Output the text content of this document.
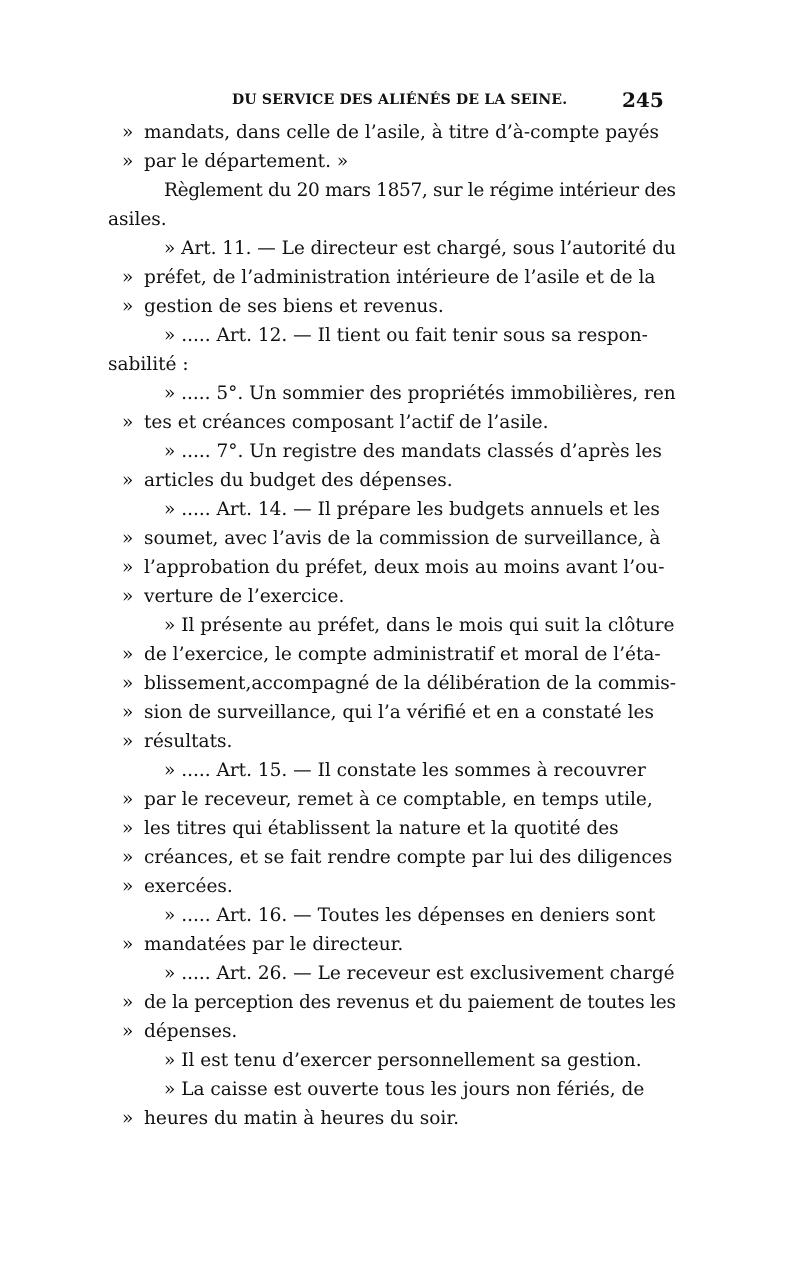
DU SERVICE DES ALIÉNÉS DE LA SEINE.	245
» mandats, dans celle de l’asile, à titre d’à-compte payés
» par le département. »
Règlement du 20 mars 1857, sur le régime intérieur des
asiles.
» Art. 11. — Le directeur est chargé, sous l’autorité du
» préfet, de l’administration intérieure de l’asile et de la
» gestion de ses biens et revenus.
» ..... Art. 12. — Il tient ou fait tenir sous sa respon-
sabilité :
» ..... 5°. Un sommier des propriétés immobilières, ren
» tes et créances composant l’actif de l’asile.
» ..... 7°. Un registre des mandats classés d’après les
» articles du budget des dépenses.
» ..... Art. 14. — Il prépare les budgets annuels et les
» soumet, avec l’avis de la commission de surveillance, à
» l’approbation du préfet, deux mois au moins avant l’ou-
» verture de l’exercice.
» Il présente au préfet, dans le mois qui suit la clôture
» de l’exercice, le compte administratif et moral de l’éta-
» blissement,accompagné de la délibération de la commis-
» sion de surveillance, qui l’a vérifié et en a constaté les
» résultats.
» ..... Art. 15. — Il constate les sommes à recouvrer
» par le receveur, remet à ce comptable, en temps utile,
» les titres qui établissent la nature et la quotité des
» créances, et se fait rendre compte par lui des diligences
» exercées.
» ..... Art. 16. — Toutes les dépenses en deniers sont
» mandatées par le directeur.
» ..... Art. 26. — Le receveur est exclusivement chargé
» de la perception des revenus et du paiement de toutes les
» dépenses.
» Il est tenu d’exercer personnellement sa gestion.
» La caisse est ouverte tous les jours non fériés, de
» heures du matin à heures du soir.
